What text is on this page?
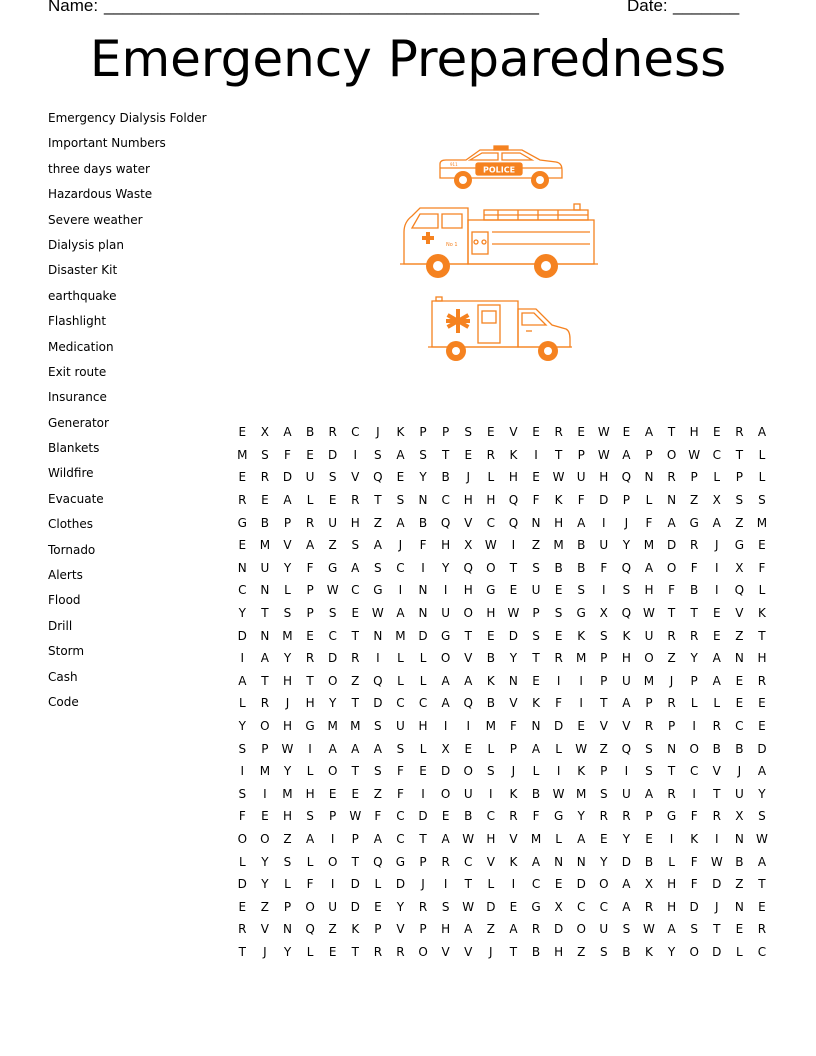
Name: ______________________________________________	Date: _______
Emergency Preparedness
Emergency Dialysis Folder
Important Numbers
three days water
Hazardous Waste
Severe weather
Dialysis plan
Disaster Kit
earthquake
Flashlight
Medication
Exit route
Insurance
Generator
Blankets
Wildfire
Evacuate
Clothes
Tornado
Alerts
Flood
Drill
Storm
Cash
Code
POLICE
911
No 1
E	X	A	B	R	C	J	K	P	P	S	E	V	E	R	E	W	E	A	T	H	E	R	A
M	S	F	E	D	I	S	A	S	T	E	R	K	I	T	P	W	A	P	O	W	C	T	L
E	R	D	U	S	V	Q	E	Y	B	J	L	H	E	W	U	H	Q	N	R	P	L	P	L
R	E	A	L	E	R	T	S	N	C	H	H	Q	F	K	F	D	P	L	N	Z	X	S	S
G	B	P	R	U	H	Z	A	B	Q	V	C	Q	N	H	A	I	J	F	A	G	A	Z	M
E	M	V	A	Z	S	A	J	F	H	X	W	I	Z	M	B	U	Y	M	D	R	J	G	E
N	U	Y	F	G	A	S	C	I	Y	Q	O	T	S	B	B	F	Q	A	O	F	I	X	F
C	N	L	P	W	C	G	I	N	I	H	G	E	U	E	S	I	S	H	F	B	I	Q	L
Y	T	S	P	S	E	W	A	N	U	O	H	W	P	S	G	X	Q	W	T	T	E	V	K
D	N	M	E	C	T	N	M	D	G	T	E	D	S	E	K	S	K	U	R	R	E	Z	T
I	A	Y	R	D	R	I	L	L	O	V	B	Y	T	R	M	P	H	O	Z	Y	A	N	H
A	T	H	T	O	Z	Q	L	L	A	A	K	N	E	I	I	P	U	M	J	P	A	E	R
L	R	J	H	Y	T	D	C	C	A	Q	B	V	K	F	I	T	A	P	R	L	L	E	E
Y	O	H	G	M	M	S	U	H	I	I	M	F	N	D	E	V	V	R	P	I	R	C	E
S	P	W	I	A	A	A	S	L	X	E	L	P	A	L	W	Z	Q	S	N	O	B	B	D
I	M	Y	L	O	T	S	F	E	D	O	S	J	L	I	K	P	I	S	T	C	V	J	A
S	I	M	H	E	E	Z	F	I	O	U	I	K	B	W	M	S	U	A	R	I	T	U	Y
F	E	H	S	P	W	F	C	D	E	B	C	R	F	G	Y	R	R	P	G	F	R	X	S
O	O	Z	A	I	P	A	C	T	A	W	H	V	M	L	A	E	Y	E	I	K	I	N	W
L	Y	S	L	O	T	Q	G	P	R	C	V	K	A	N	N	Y	D	B	L	F	W	B	A
D	Y	L	F	I	D	L	D	J	I	T	L	I	C	E	D	O	A	X	H	F	D	Z	T
E	Z	P	O	U	D	E	Y	R	S	W	D	E	G	X	C	C	A	R	H	D	J	N	E
R	V	N	Q	Z	K	P	V	P	H	A	Z	A	R	D	O	U	S	W	A	S	T	E	R
T	J	Y	L	E	T	R	R	O	V	V	J	T	B	H	Z	S	B	K	Y	O	D	L	C
